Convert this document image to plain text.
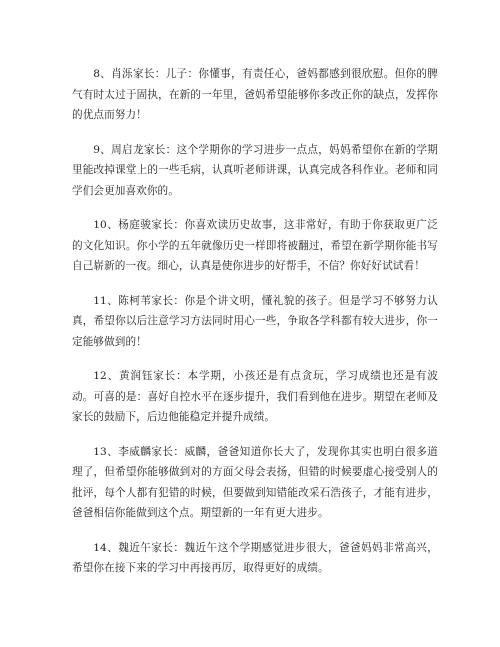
8、肖泺家长：儿子：你懂事，有责任心，爸妈都感到很欣慰。但你的脾气有时太过于固执，在新的一年里，爸妈希望能够你多改正你的缺点，发挥你的优点而努力！

9、周启龙家长：这个学期你的学习进步一点点，妈妈希望你在新的学期里能改掉课堂上的一些毛病，认真听老师讲课，认真完成各科作业。老师和同学们会更加喜欢你的。

10、杨庭骏家长：你喜欢读历史故事，这非常好，有助于你获取更广泛的文化知识。你小学的五年就像历史一样即将被翻过，希望在新学期你能书写自己崭新的一夜。细心，认真是使你进步的好帮手，不信？你好好试试看！

11、陈柯苇家长：你是个讲文明，懂礼貌的孩子。但是学习不够努力认真，希望你以后注意学习方法同时用心一些，争取各学科都有较大进步，你一定能够做到的！

12、黄润钰家长：本学期，小孩还是有点贪玩，学习成绩也还是有波动。可喜的是：喜好自控水平在逐步提升，我们看到他在进步。期望在老师及家长的鼓励下，后边他能稳定并提升成绩。

13、李威麟家长：威麟，爸爸知道你长大了，发现你其实也明白很多道理了，但希望你能够做到对的方面父母会表扬，但错的时候要虚心接受别人的批评，每个人都有犯错的时候，但要做到知错能改采石浩孩子，才能有进步，爸爸相信你能做到这个点。期望新的一年有更大进步。

14、魏近午家长：魏近午这个学期感觉进步很大，爸爸妈妈非常高兴，希望你在接下来的学习中再接再厉，取得更好的成绩。
